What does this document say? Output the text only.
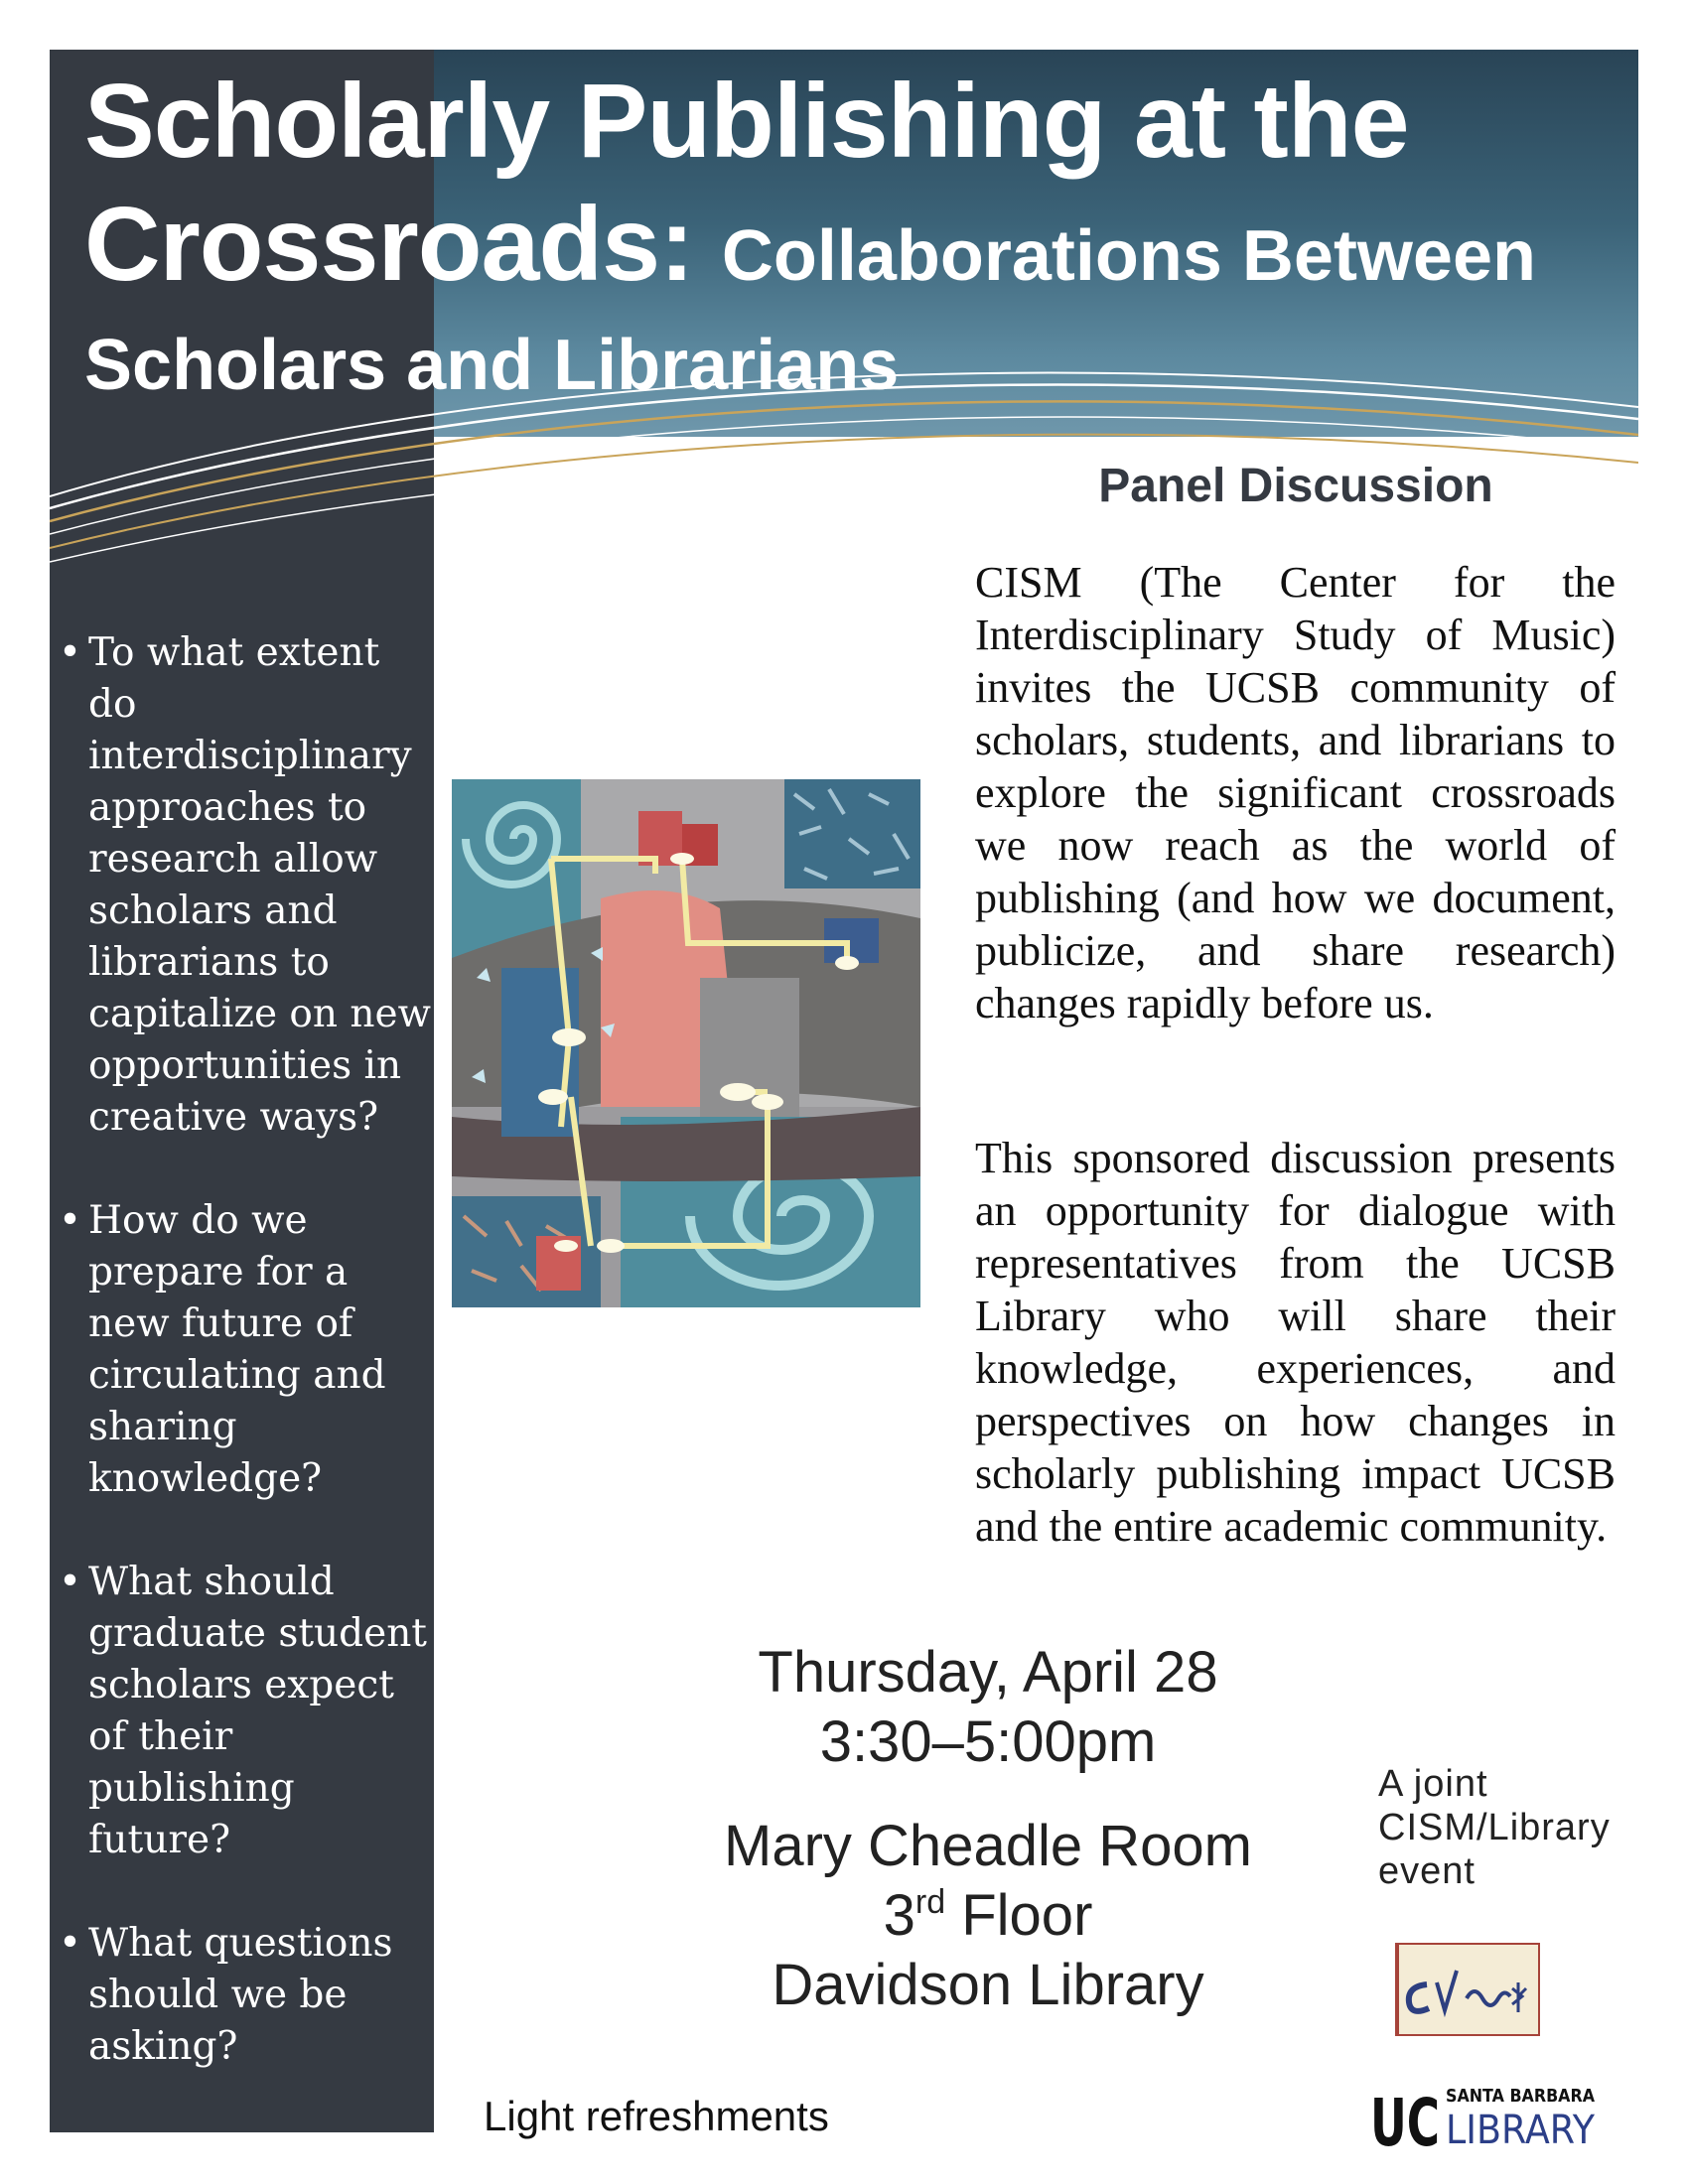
Scholarly Publishing at the
Crossroads: Collaborations Between
Scholars and Librarians
• To what extent do interdisciplinary approaches to research allow scholars and librarians to capitalize on new opportunities in creative ways?
• How do we prepare for a new future of circulating and sharing knowledge?
• What should graduate student scholars expect of their publishing future?
• What questions should we be asking?
Panel Discussion

CISM (The Center for the Interdisciplinary Study of Music) invites the UCSB community of scholars, students, and librarians to explore the significant crossroads we now reach as the world of publishing (and how we document, publicize, and share research) changes rapidly before us.

This sponsored discussion presents an opportunity for dialogue with representatives from the UCSB Library who will share their knowledge, experiences, and perspectives on how changes in scholarly publishing impact UCSB and the entire academic community.

Thursday, April 28
3:30–5:00pm

Mary Cheadle Room
3rd Floor
Davidson Library

A joint
CISM/Library
event

UC SANTA BARBARA
LIBRARY

Light refreshments
